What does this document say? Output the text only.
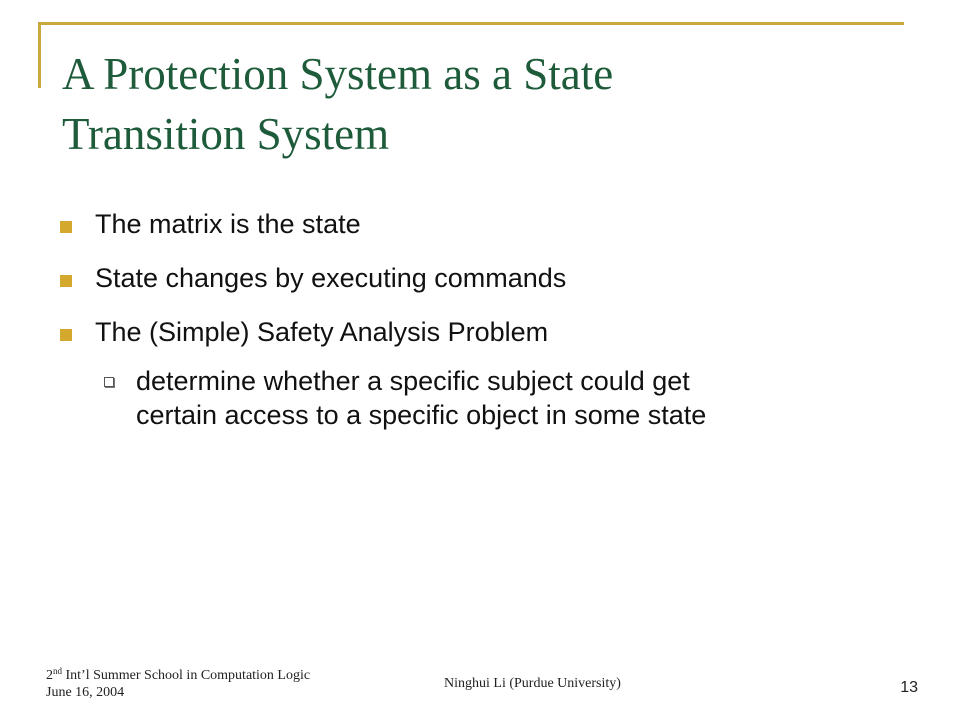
A Protection System as a State
Transition System
The matrix is the state
State changes by executing commands
The (Simple) Safety Analysis Problem
determine whether a specific subject could get
certain access to a specific object in some state
2nd Int’l Summer School in Computation Logic
June 16, 2004
Ninghui Li (Purdue University)	13
